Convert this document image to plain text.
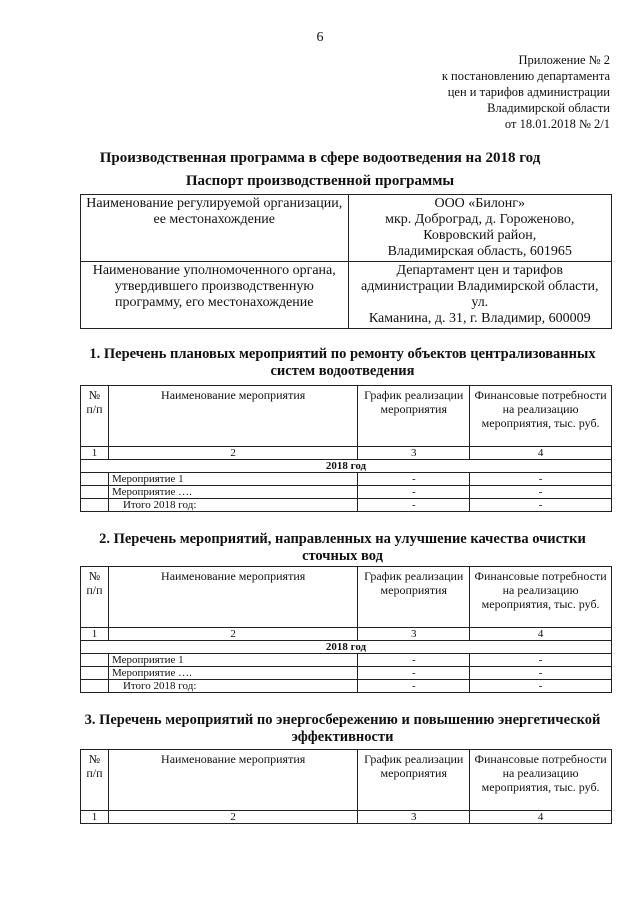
6
Приложение № 2
к постановлению департамента
цен и тарифов администрации
Владимирской области
от 18.01.2018 № 2/1
Производственная программа в сфере водоотведения на 2018 год
Паспорт производственной программы
Наименование регулируемой организации, ее местонахождение	ООО «Билонг»
мкр. Доброград, д. Гороженово,
Ковровский район,
Владимирская область, 601965

Наименование уполномоченного органа, утвердившего производственную программу, его местонахождение	Департамент цен и тарифов
администрации Владимирской области, ул.
Каманина, д. 31, г. Владимир, 600009
1. Перечень плановых мероприятий по ремонту объектов централизованных систем водоотведения
№ п/п	Наименование мероприятия	График реализации мероприятия	Финансовые потребности на реализацию мероприятия, тыс. руб.
1	2	3	4
2018 год			
	Мероприятие 1	-	-
	Мероприятие ….	-	-
	Итого 2018 год:	-	-
2. Перечень мероприятий, направленных на улучшение качества очистки сточных вод
№ п/п	Наименование мероприятия	График реализации мероприятия	Финансовые потребности на реализацию мероприятия, тыс. руб.
1	2	3	4
2018 год			
	Мероприятие 1	-	-
	Мероприятие ….	-	-
	Итого 2018 год:	-	-
3. Перечень мероприятий по энергосбережению и повышению энергетической эффективности
№ п/п	Наименование мероприятия	График реализации мероприятия	Финансовые потребности на реализацию мероприятия, тыс. руб.
1	2	3	4
